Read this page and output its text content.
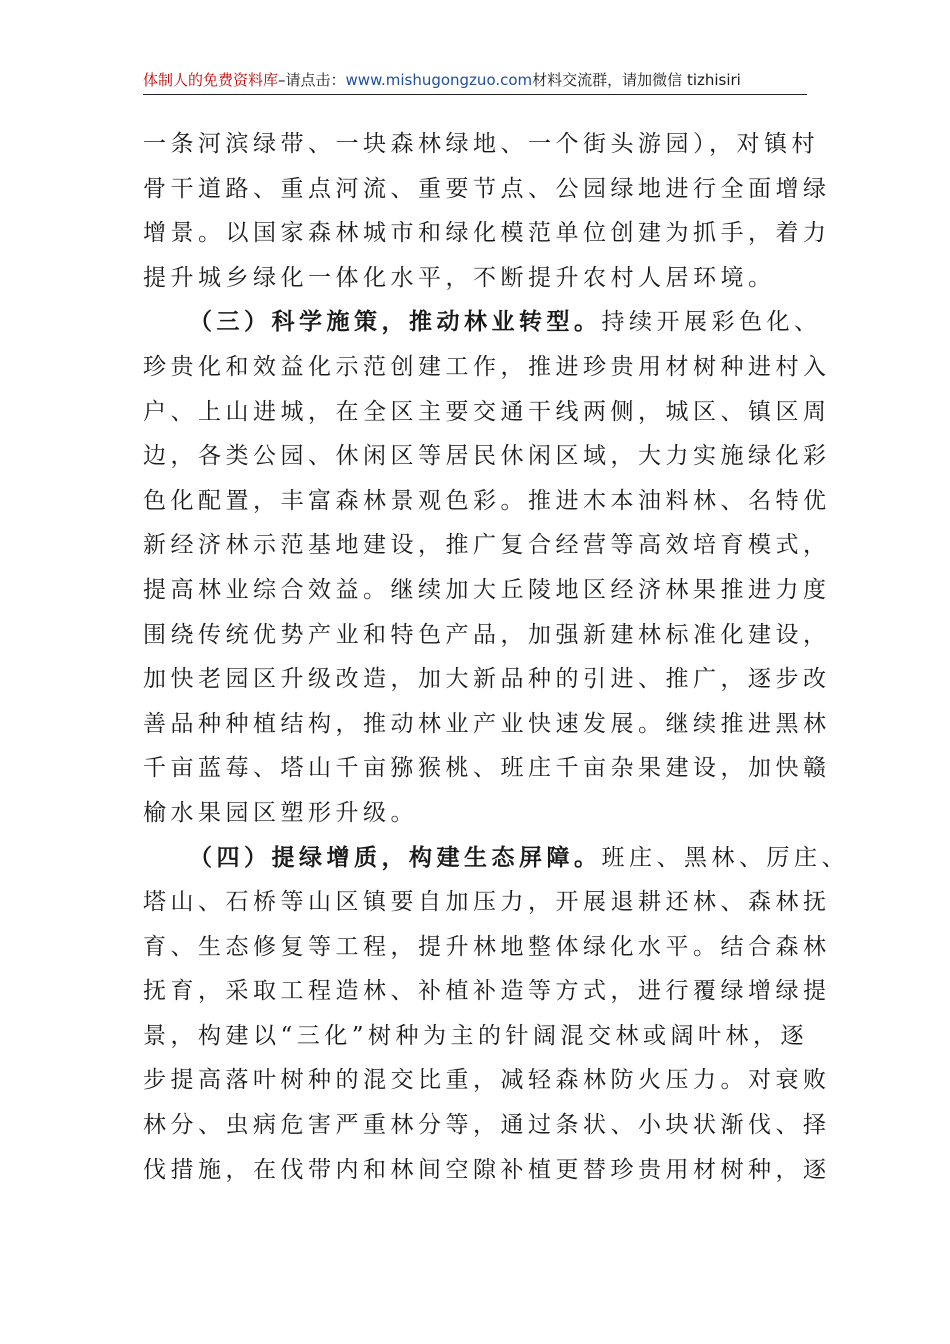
体制人的免费资料库–请点击：www.mishugongzuo.com材料交流群，请加微信 tizhisiri
一条河滨绿带、一块森林绿地、一个街头游园），对镇村
骨干道路、重点河流、重要节点、公园绿地进行全面增绿
增景。以国家森林城市和绿化模范单位创建为抓手，着力
提升城乡绿化一体化水平，不断提升农村人居环境。
（三）科学施策，推动林业转型。持续开展彩色化、
珍贵化和效益化示范创建工作，推进珍贵用材树种进村入
户、上山进城，在全区主要交通干线两侧，城区、镇区周
边，各类公园、休闲区等居民休闲区域，大力实施绿化彩
色化配置，丰富森林景观色彩。推进木本油料林、名特优
新经济林示范基地建设，推广复合经营等高效培育模式，
提高林业综合效益。继续加大丘陵地区经济林果推进力度
围绕传统优势产业和特色产品，加强新建林标准化建设，
加快老园区升级改造，加大新品种的引进、推广，逐步改
善品种种植结构，推动林业产业快速发展。继续推进黑林
千亩蓝莓、塔山千亩猕猴桃、班庄千亩杂果建设，加快赣
榆水果园区塑形升级。
（四）提绿增质，构建生态屏障。班庄、黑林、厉庄、
塔山、石桥等山区镇要自加压力，开展退耕还林、森林抚
育、生态修复等工程，提升林地整体绿化水平。结合森林
抚育，采取工程造林、补植补造等方式，进行覆绿增绿提
景，构建以“三化”树种为主的针阔混交林或阔叶林，逐
步提高落叶树种的混交比重，减轻森林防火压力。对衰败
林分、虫病危害严重林分等，通过条状、小块状渐伐、择
伐措施，在伐带内和林间空隙补植更替珍贵用材树种，逐
